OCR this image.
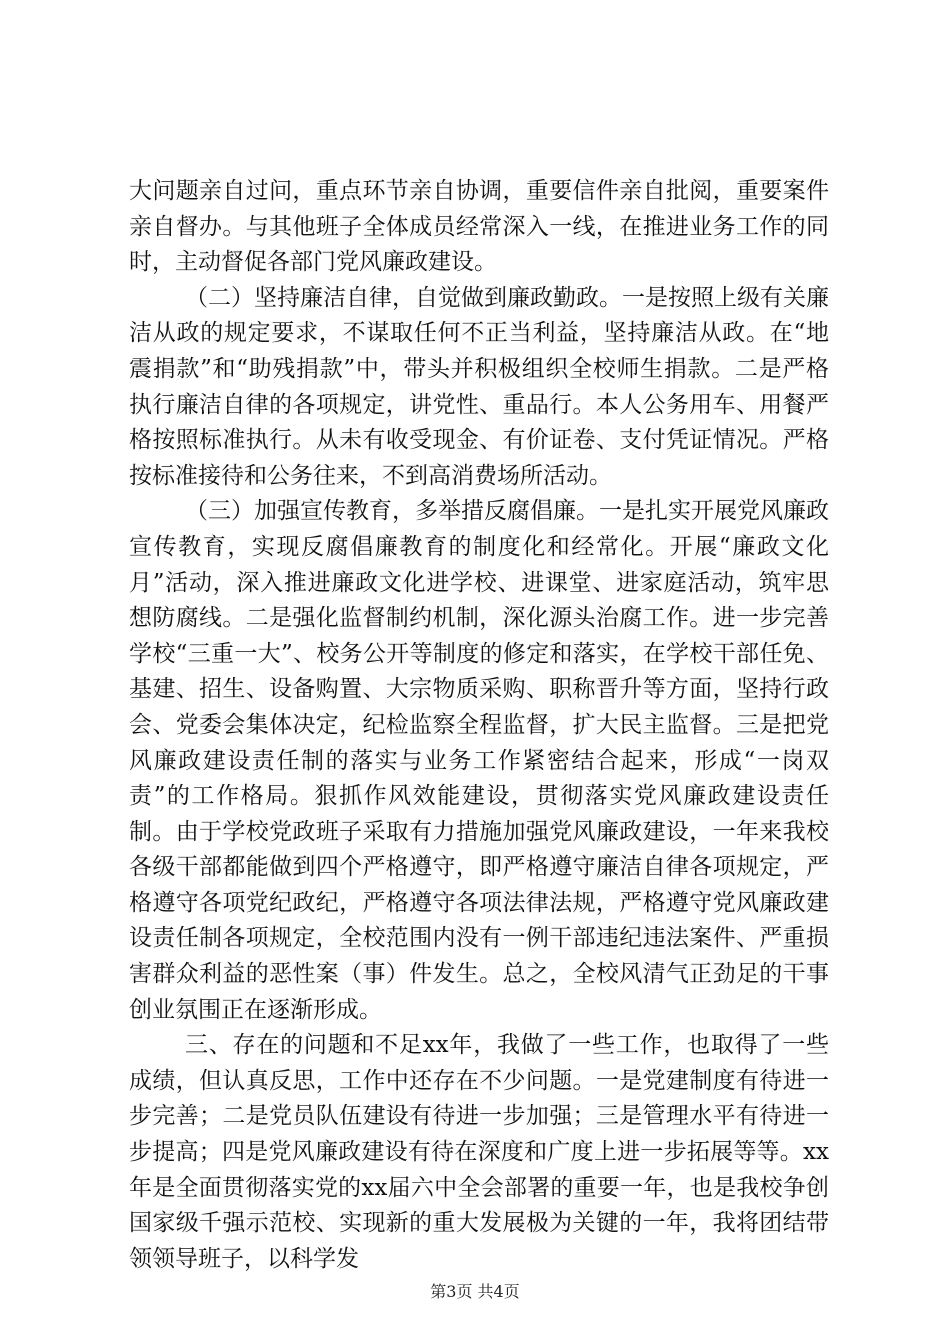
大问题亲自过问，重点环节亲自协调，重要信件亲自批阅，重要案件亲自督办。与其他班子全体成员经常深入一线，在推进业务工作的同时，主动督促各部门党风廉政建设。

（二）坚持廉洁自律，自觉做到廉政勤政。一是按照上级有关廉洁从政的规定要求，不谋取任何不正当利益，坚持廉洁从政。在“地震捐款”和“助残捐款”中，带头并积极组织全校师生捐款。二是严格执行廉洁自律的各项规定，讲党性、重品行。本人公务用车、用餐严格按照标准执行。从未有收受现金、有价证卷、支付凭证情况。严格按标准接待和公务往来，不到高消费场所活动。

（三）加强宣传教育，多举措反腐倡廉。一是扎实开展党风廉政宣传教育，实现反腐倡廉教育的制度化和经常化。开展“廉政文化月”活动，深入推进廉政文化进学校、进课堂、进家庭活动，筑牢思想防腐线。二是强化监督制约机制，深化源头治腐工作。进一步完善学校“三重一大”、校务公开等制度的修定和落实，在学校干部任免、基建、招生、设备购置、大宗物质采购、职称晋升等方面，坚持行政会、党委会集体决定，纪检监察全程监督，扩大民主监督。三是把党风廉政建设责任制的落实与业务工作紧密结合起来，形成“一岗双责”的工作格局。狠抓作风效能建设，贯彻落实党风廉政建设责任制。由于学校党政班子采取有力措施加强党风廉政建设，一年来我校各级干部都能做到四个严格遵守，即严格遵守廉洁自律各项规定，严格遵守各项党纪政纪，严格遵守各项法律法规，严格遵守党风廉政建设责任制各项规定，全校范围内没有一例干部违纪违法案件、严重损害群众利益的恶性案（事）件发生。总之，全校风清气正劲足的干事创业氛围正在逐渐形成。

三、存在的问题和不足xx年，我做了一些工作，也取得了一些成绩，但认真反思，工作中还存在不少问题。一是党建制度有待进一步完善；二是党员队伍建设有待进一步加强；三是管理水平有待进一步提高；四是党风廉政建设有待在深度和广度上进一步拓展等等。xx年是全面贯彻落实党的xx届六中全会部署的重要一年，也是我校争创国家级千强示范校、实现新的重大发展极为关键的一年，我将团结带领领导班子，以科学发

第3页 共4页
